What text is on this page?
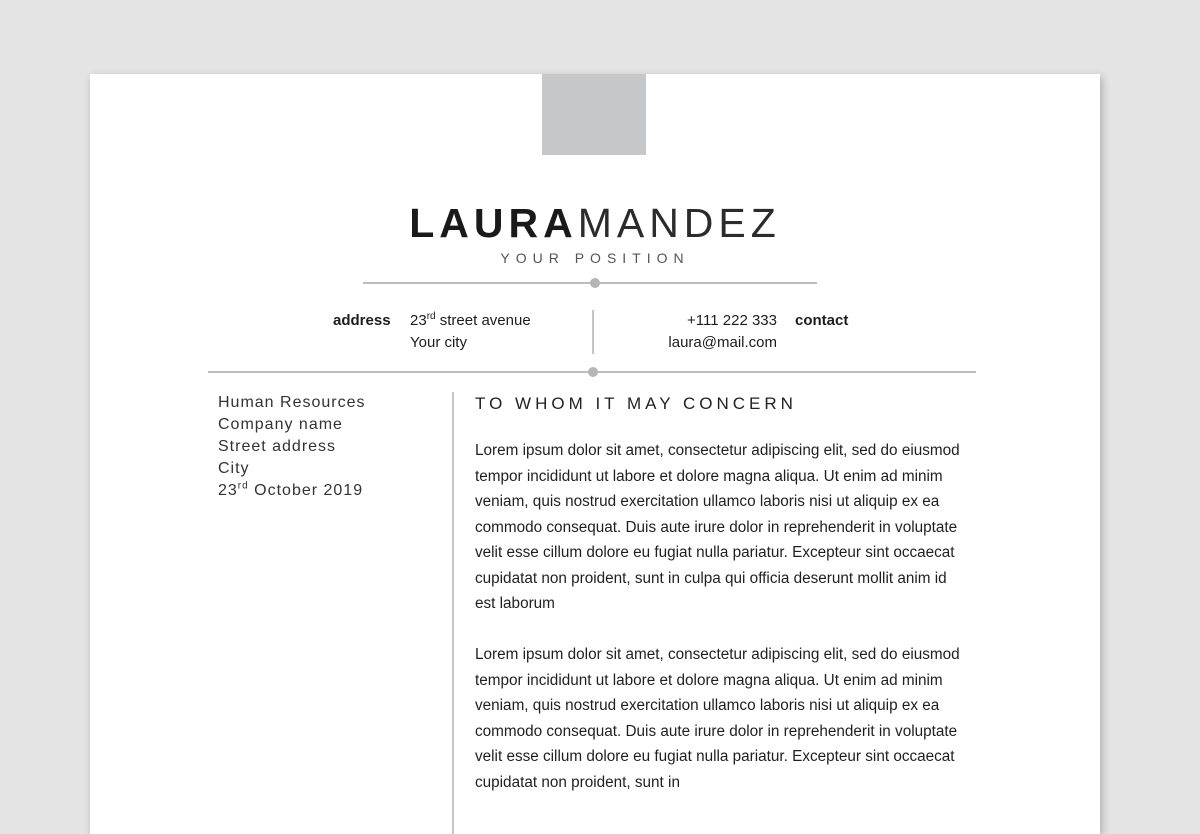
LAURAMANDEZ
YOUR POSITION
address 23rd street avenue
Your city
+111 222 333
laura@mail.com
contact
Human Resources
Company name
Street address
City
23rd October 2019
TO WHOM IT MAY CONCERN

Lorem ipsum dolor sit amet, consectetur adipiscing elit, sed do eiusmod tempor incididunt ut labore et dolore magna aliqua. Ut enim ad minim veniam, quis nostrud exercitation ullamco laboris nisi ut aliquip ex ea commodo consequat. Duis aute irure dolor in reprehenderit in voluptate velit esse cillum dolore eu fugiat nulla pariatur. Excepteur sint occaecat cupidatat non proident, sunt in culpa qui officia deserunt mollit anim id est laborum

Lorem ipsum dolor sit amet, consectetur adipiscing elit, sed do eiusmod tempor incididunt ut labore et dolore magna aliqua. Ut enim ad minim veniam, quis nostrud exercitation ullamco laboris nisi ut aliquip ex ea commodo consequat. Duis aute irure dolor in reprehenderit in voluptate velit esse cillum dolore eu fugiat nulla pariatur. Excepteur sint occaecat cupidatat non proident, sunt in
